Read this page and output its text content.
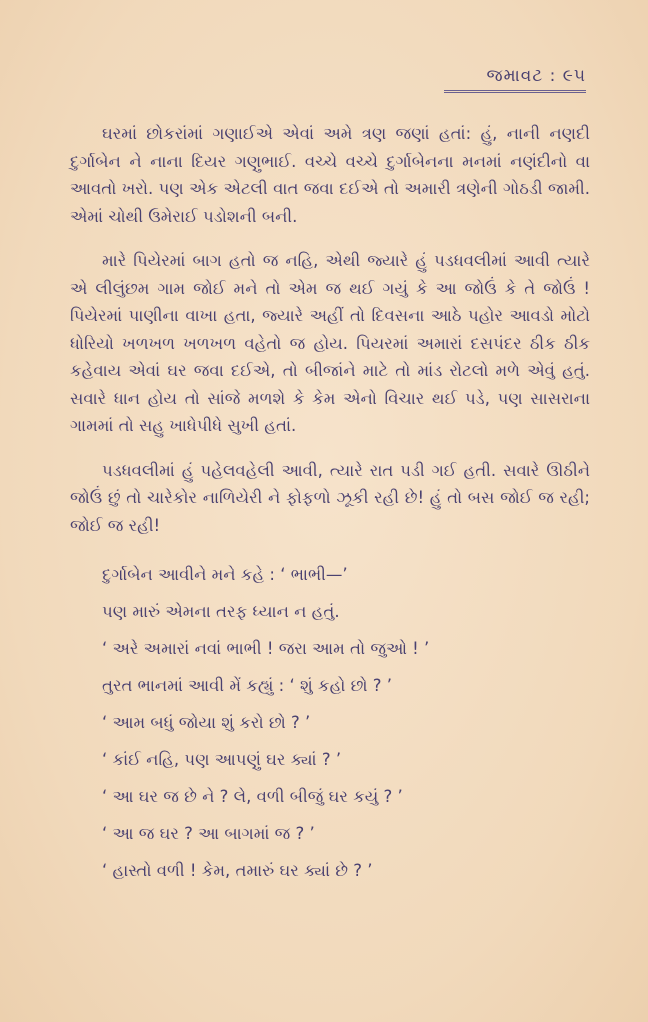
જમાવટ : ૯૫

ઘરમાં છોકરાંમાં ગણાઈએ એવાં અમે ત્રણ જણાં હતાં: હું, નાની નણદી દુર્ગાબેન ને નાના દિયર ગણુભાઈ. વચ્ચે વચ્ચે દુર્ગાબેનના મનમાં નણંદીનો વા આવતો ખરો. પણ એક એટલી વાત જવા દઈએ તો અમારી ત્રણેની ગોઠડી જામી. એમાં ચોથી ઉમેરાઈ પડોશની બની.

મારે પિયેરમાં બાગ હતો જ નહિ, એથી જ્યારે હું પડધવલીમાં આવી ત્યારે એ લીલુંછમ ગામ જોઈ મને તો એમ જ થઈ ગયું કે આ જોઉં કે તે જોઉં ! પિયેરમાં પાણીના વાખા હતા, જ્યારે અહીં તો દિવસના આઠે પહોર આવડો મોટો ધોરિયો ખળખળ ખળખળ વહેતો જ હોય. પિયરમાં અમારાં દસપંદર ઠીક ઠીક કહેવાય એવાં ઘર જવા દઈએ, તો બીજાંને માટે તો માંડ રોટલો મળે એવું હતું. સવારે ધાન હોય તો સાંજે મળશે કે કેમ એનો વિચાર થઈ પડે, પણ સાસરાના ગામમાં તો સહુ ખાધેપીધે સુખી હતાં.

પડધવલીમાં હું પહેલવહેલી આવી, ત્યારે રાત પડી ગઈ હતી. સવારે ઊઠીને જોઉં છું તો ચારેકોર નાળિયેરી ને ફોફળો ઝૂકી રહી છે! હું તો બસ જોઈ જ રહી; જોઈ જ રહી!

દુર્ગાબેન આવીને મને કહે : ‘ ભાભી—’
પણ મારું એમના તરફ ધ્યાન ન હતું.
‘ અરે અમારાં નવાં ભાભી ! જરા આમ તો જુઓ ! ’
તુરત ભાનમાં આવી મેં કહ્યું : ‘ શું કહો છો ? ’
‘ આમ બધું જોયા શું કરો છો ? ’
‘ કાંઈ નહિ, પણ આપણું ઘર ક્યાં ? ’
‘ આ ઘર જ છે ને ? લે, વળી બીજું ઘર કયું ? ’
‘ આ જ ઘર ? આ બાગમાં જ ? ’
‘ હાસ્તો વળી ! કેમ, તમારું ઘર ક્યાં છે ? ’
